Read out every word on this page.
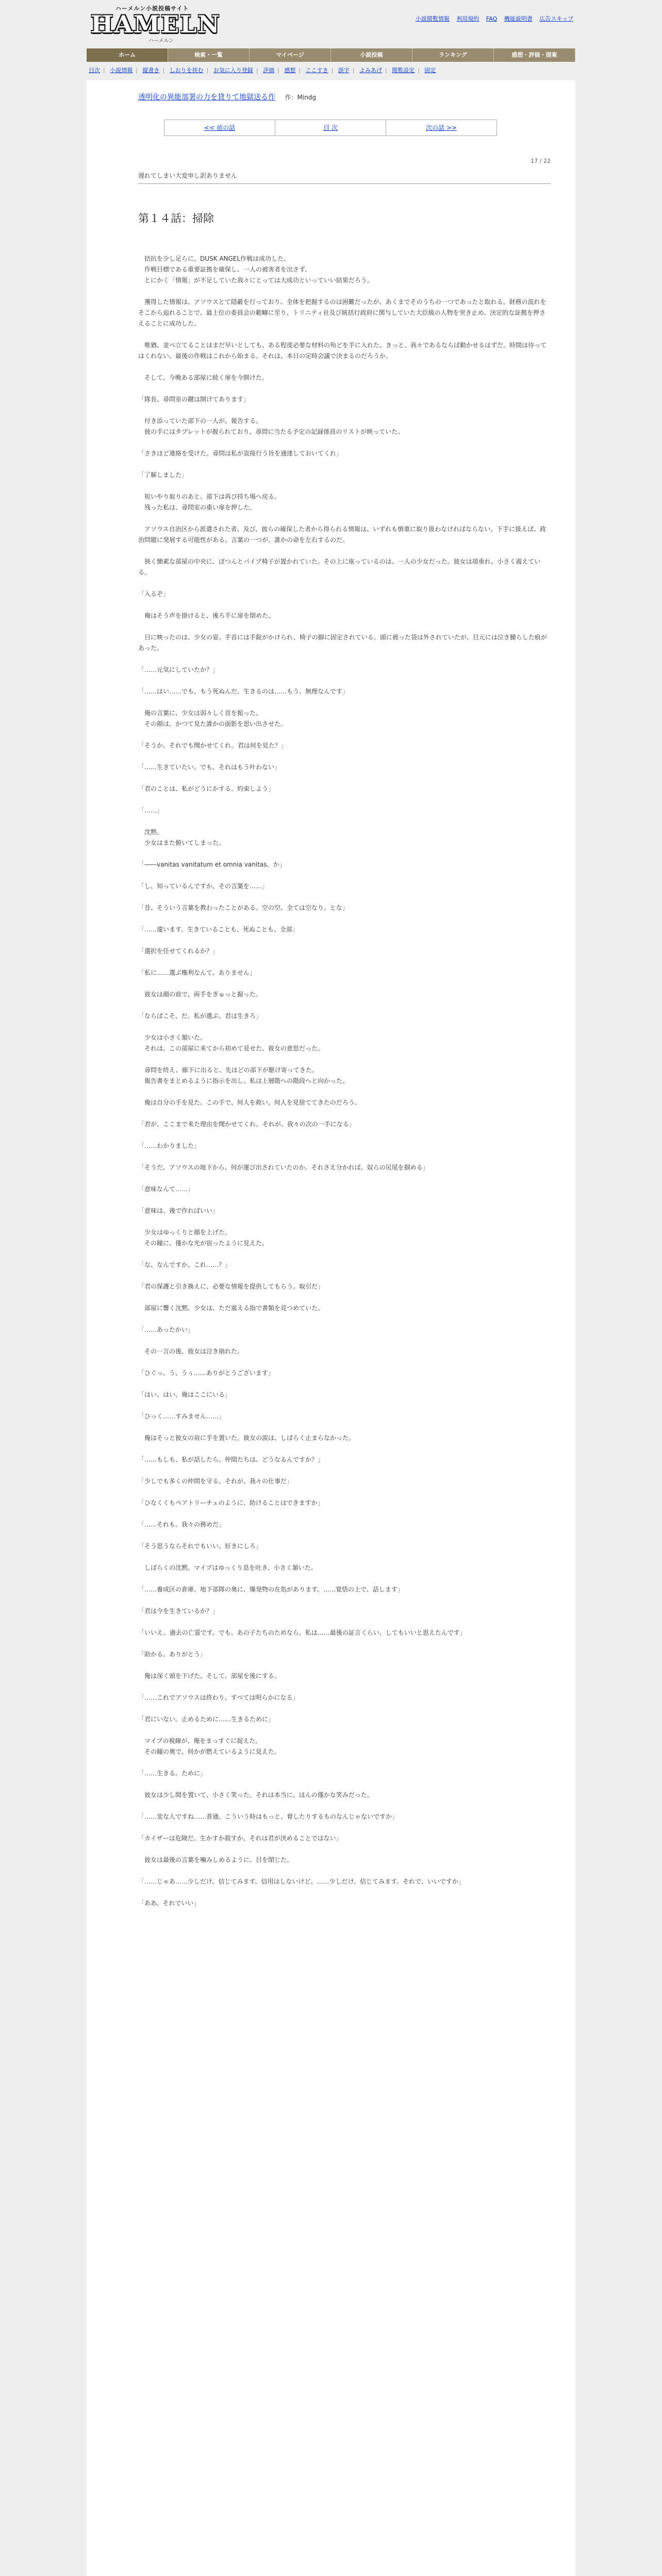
ハーメルン小説投稿サイト
HAMELN
ハーメルン
小説閲覧情報 利用規約 FAQ 機能説明書 広告スキップ
ホーム	検索・一覧	マイページ	小説投稿	ランキング	感想・評価・提案
目次 | 小説情報 | 縦書き | しおりを挟む | お気に入り登録 | 評価 | 感想 | ここすき | 誤字 | よみあげ | 閲覧設定 | 固定
透明化の異能部署の力を貸りて地獄送る作 作：Mindg
<< 前の話	目 次	次の話 >>
17 / 22
遅れてしまい大変申し訳ありません
第１４話：掃除

　拮抗を少し足らに、DUSK ANGEL作戦は成功した。
　作戦目標である重要証拠を確保し、一人の被害者を出さず、
　とにかく「情報」が不足していた我々にとっては大成功といっていい結果だろう。

　獲得した情報は、アソウスとて隠蔽を行っており、全体を把握するのは困難だったが、あくまでそのうちの一つであったと取れる。財務の流れをそこから辿れることで、最上位の委員会の範疇に至り、トリニティ社及び統括行政府に関与していた大臣級の人物を突き止め、決定的な証拠を押さえることに成功した。

　唯猶、並べ立てることはまだ早いとしても、ある程度必要な材料の殆どを手に入れた。きっと、我々であるならば動かせるはずだ。時間は待ってはくれない。最後の作戦はこれから始まる。それは、本日の定時会議で決まるのだろうか。

　そして、今晩ある部屋に続く扉を今開けた。

「隊長、尋問室の鍵は開けてあります」

　付き添っていた部下の一人が、報告する。
　彼の手にはタブレットが握られており、尋問に当たる予定の記録係員のリストが映っていた。

「さきほど連絡を受けた。尋問は私が直接行う旨を通達しておいてくれ」

「了解しました」

　短いやり取りのあと、部下は再び持ち場へ戻る。
　残った私は、尋問室の重い扉を押した。

　アソウス自治区から派遣された者、及び、彼らの確保した者から得られる情報は、いずれも慎重に取り扱わなければならない。下手に扱えば、政治問題に発展する可能性がある。言葉の一つが、誰かの命を左右するのだ。

　狭く簡素な部屋の中央に、ぽつんとパイプ椅子が置かれていた。その上に座っているのは、一人の少女だった。彼女は項垂れ、小さく震えている。

「入るぞ」

　俺はそう声を掛けると、後ろ手に扉を閉めた。

　目に映ったのは、少女の姿。手首には手錠がかけられ、椅子の脚に固定されている。頭に被った袋は外されていたが、目元には泣き腫らした痕があった。

「……元気にしていたか？」

「……はい……でも、もう死ぬんだ。生きるのは……もう、無理なんです」

　俺の言葉に、少女は弱々しく首を振った。
　その顔は、かつて見た誰かの面影を思い出させた。

「そうか。それでも聞かせてくれ。君は何を見た？」

「……生きていたい。でも、それはもう叶わない」

「君のことは、私がどうにかする。約束しよう」

「……」

　沈黙。
　少女はまた俯いてしまった。

「――vanitas vanitatum et omnia vanitas。か」

「し、知っているんですか、その言葉を……」

「昔、そういう言葉を教わったことがある。空の空、全ては空なり、とな」

「……違います。生きていることも、死ぬことも、全部」

「選択を任せてくれるか？」

「私に……選ぶ権利なんて、ありません」

　彼女は顔の前で、両手をぎゅっと握った。

「ならばこそ、だ。私が選ぶ。君は生きろ」

　少女は小さく頷いた。
　それは、この部屋に来てから初めて見せた、彼女の意思だった。

　尋問を終え、廊下に出ると、先ほどの部下が駆け寄ってきた。
　報告書をまとめるように指示を出し、私は上層階への階段へと向かった。

　俺は自分の手を見た。この手で、何人を救い、何人を見捨ててきたのだろう。

「君が、ここまで来た理由を聞かせてくれ。それが、我々の次の一手になる」

「……わかりました」

「そうだ。アソウスの地下から、何が運び出されていたのか。それさえ分かれば、奴らの尻尾を掴める」

「意味なんて……」

「意味は、後で作ればいい」

　少女はゆっくりと顔を上げた。
　その瞳に、僅かな光が宿ったように見えた。

「な、なんですか、これ……？」

「君の保護と引き換えに、必要な情報を提供してもらう。取引だ」

　部屋に響く沈黙。少女は、ただ震える指で書類を見つめていた。

「……あったかい」

　その一言の後、彼女は泣き崩れた。

「ひぐっ、う、うぅ……ありがとうございます」

「はい、はい、俺はここにいる」

「ひっく……すみません……」

　俺はそっと彼女の肩に手を置いた。彼女の涙は、しばらく止まらなかった。

「……もしも、私が話したら、仲間たちは、どうなるんですか？」

「少しでも多くの仲間を守る。それが、我々の仕事だ」

「ひなくくもペアトリーチェのように、助けることはできますか」

「……それも、我々の務めだ」

「そう思うならそれでもいい。好きにしろ」

　しばらくの沈黙。マイプはゆっくり息を吐き、小さく頷いた。

「……養成区の倉庫、地下部隊の奥に、爆発物の在処があります。……覚悟の上で、話します」

「君は今を生きているか？」

「いいえ。過去の亡霊です。でも、あの子たちのためなら、私は……最後の証言くらい、してもいいと思えたんです」

「助かる。ありがとう」

　俺は深く頭を下げた。そして、部屋を後にする。

「……これでアソウスは終わり、すべては明らかになる」

「君にいない。止めるために……生きるために」

　マイプの視線が、俺をまっすぐに捉えた。
　その瞳の奥で、何かが燃えているように見えた。

「……生きる。ために」

　彼女は少し間を置いて、小さく笑った。それは本当に、ほんの僅かな笑みだった。

「……変な人ですね……普通、こういう時はもっと、脅したりするものなんじゃないですか」

「カイザーは危険だ。生かすか殺すか、それは君が決めることではない」

　彼女は最後の言葉を噛みしめるように、目を閉じた。

「……じゃあ……少しだけ、信じてみます。信用はしないけど、……少しだけ、信じてみます。それで、いいですか」

「ああ。それでいい」
